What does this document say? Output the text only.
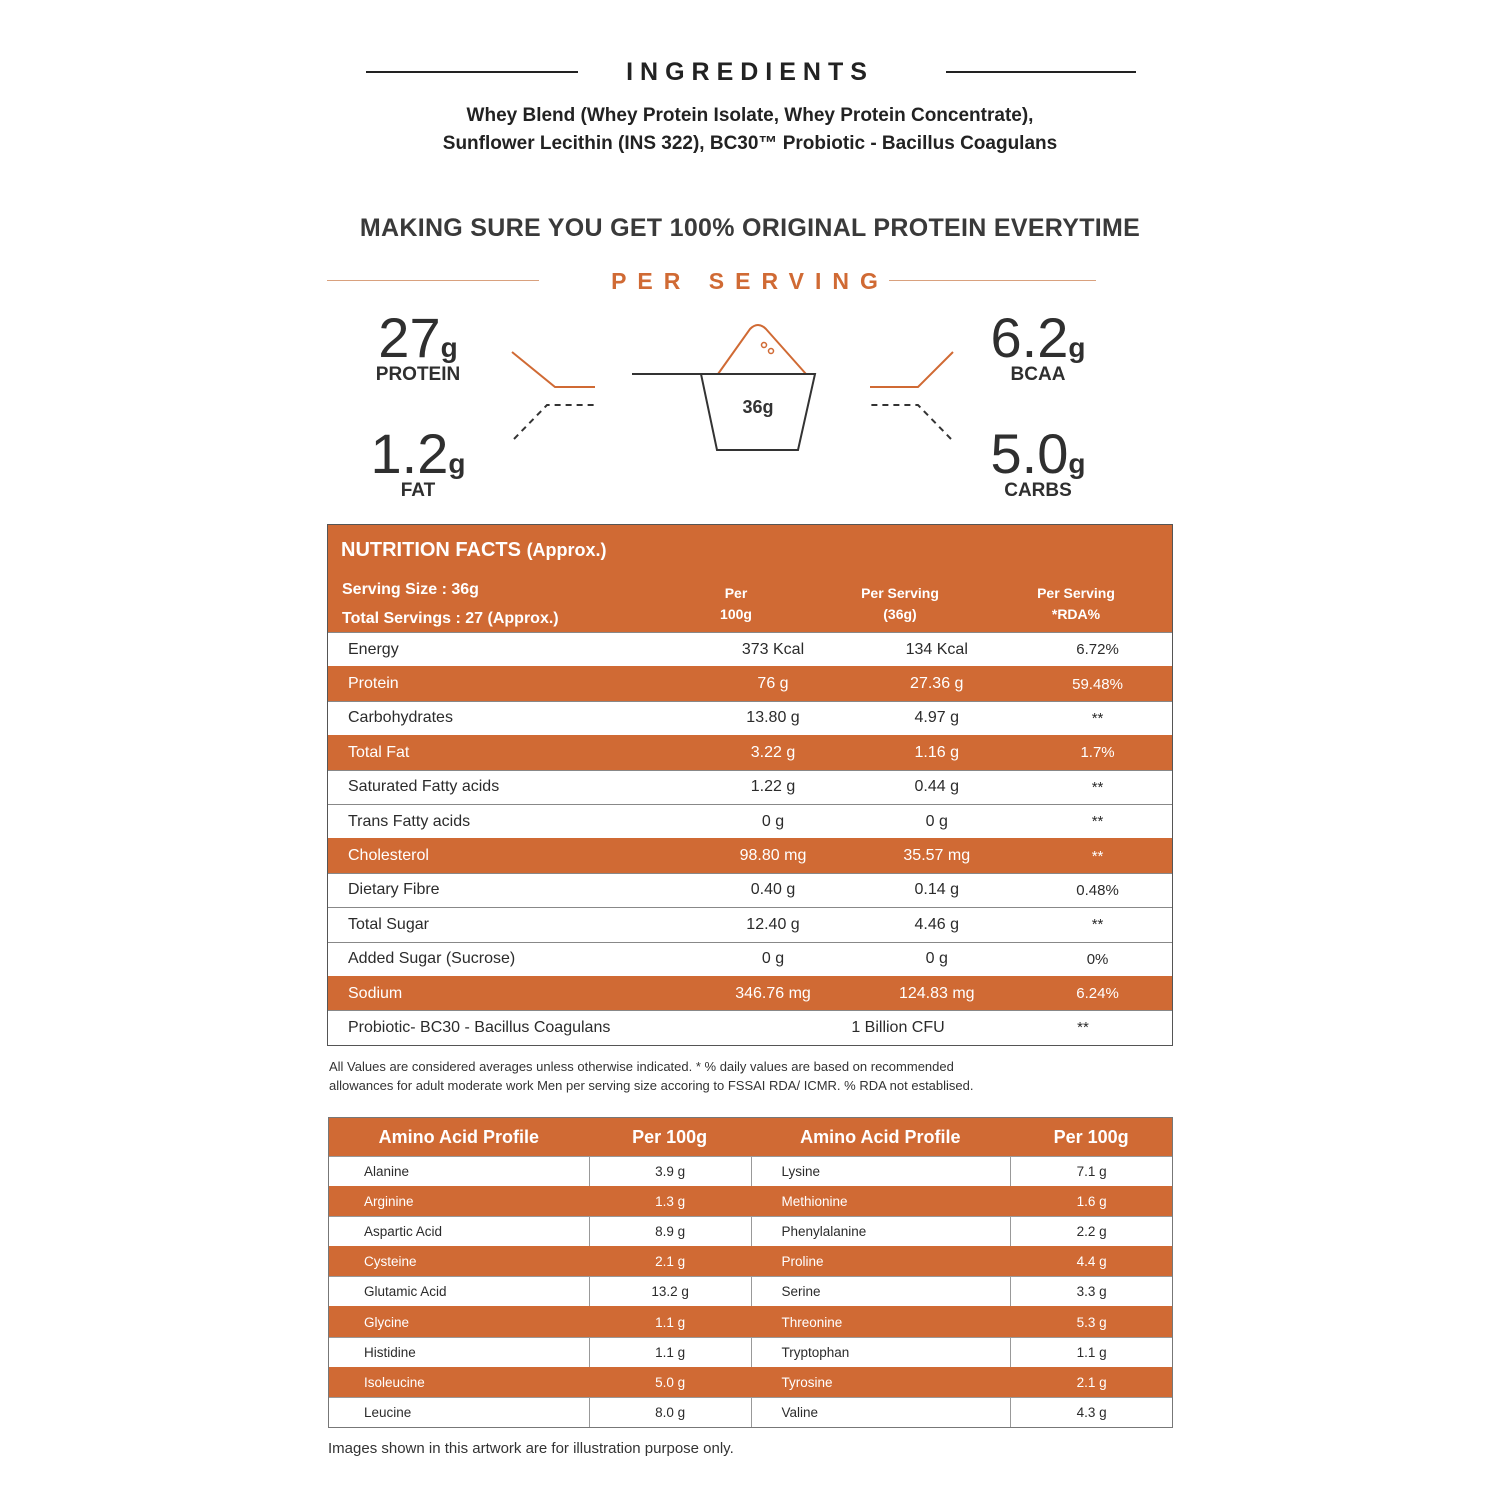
INGREDIENTS
Whey Blend (Whey Protein Isolate, Whey Protein Concentrate),
Sunflower Lecithin (INS 322), BC30™ Probiotic - Bacillus Coagulans
MAKING SURE YOU GET 100% ORIGINAL PROTEIN EVERYTIME
PER SERVING
27g
PROTEIN
1.2g
FAT
6.2g
BCAA
5.0g
CARBS
36g
NUTRITION FACTS (Approx.)
Serving Size : 36g
Total Servings : 27 (Approx.)
Per
100g
Per Serving
(36g)
Per Serving
*RDA%
Energy	373 Kcal	134 Kcal	6.72%
Protein	76 g	27.36 g	59.48%
Carbohydrates	13.80 g	4.97 g	**
Total Fat	3.22 g	1.16 g	1.7%
Saturated Fatty acids	1.22 g	0.44 g	**
Trans Fatty acids	0 g	0 g	**
Cholesterol	98.80 mg	35.57 mg	**
Dietary Fibre	0.40 g	0.14 g	0.48%
Total Sugar	12.40 g	4.46 g	**
Added Sugar (Sucrose)	0 g	0 g	0%
Sodium	346.76 mg	124.83 mg	6.24%
Probiotic- BC30 - Bacillus Coagulans	1 Billion CFU	**
All Values are considered averages unless otherwise indicated. * % daily values are based on recommended
allowances for adult moderate work Men per serving size accoring to FSSAI RDA/ ICMR. % RDA not establised.
Amino Acid Profile	Per 100g	Amino Acid Profile	Per 100g
Alanine	3.9 g	Lysine	7.1 g
Arginine	1.3 g	Methionine	1.6 g
Aspartic Acid	8.9 g	Phenylalanine	2.2 g
Cysteine	2.1 g	Proline	4.4 g
Glutamic Acid	13.2 g	Serine	3.3 g
Glycine	1.1 g	Threonine	5.3 g
Histidine	1.1 g	Tryptophan	1.1 g
Isoleucine	5.0 g	Tyrosine	2.1 g
Leucine	8.0 g	Valine	4.3 g
Images shown in this artwork are for illustration purpose only.
